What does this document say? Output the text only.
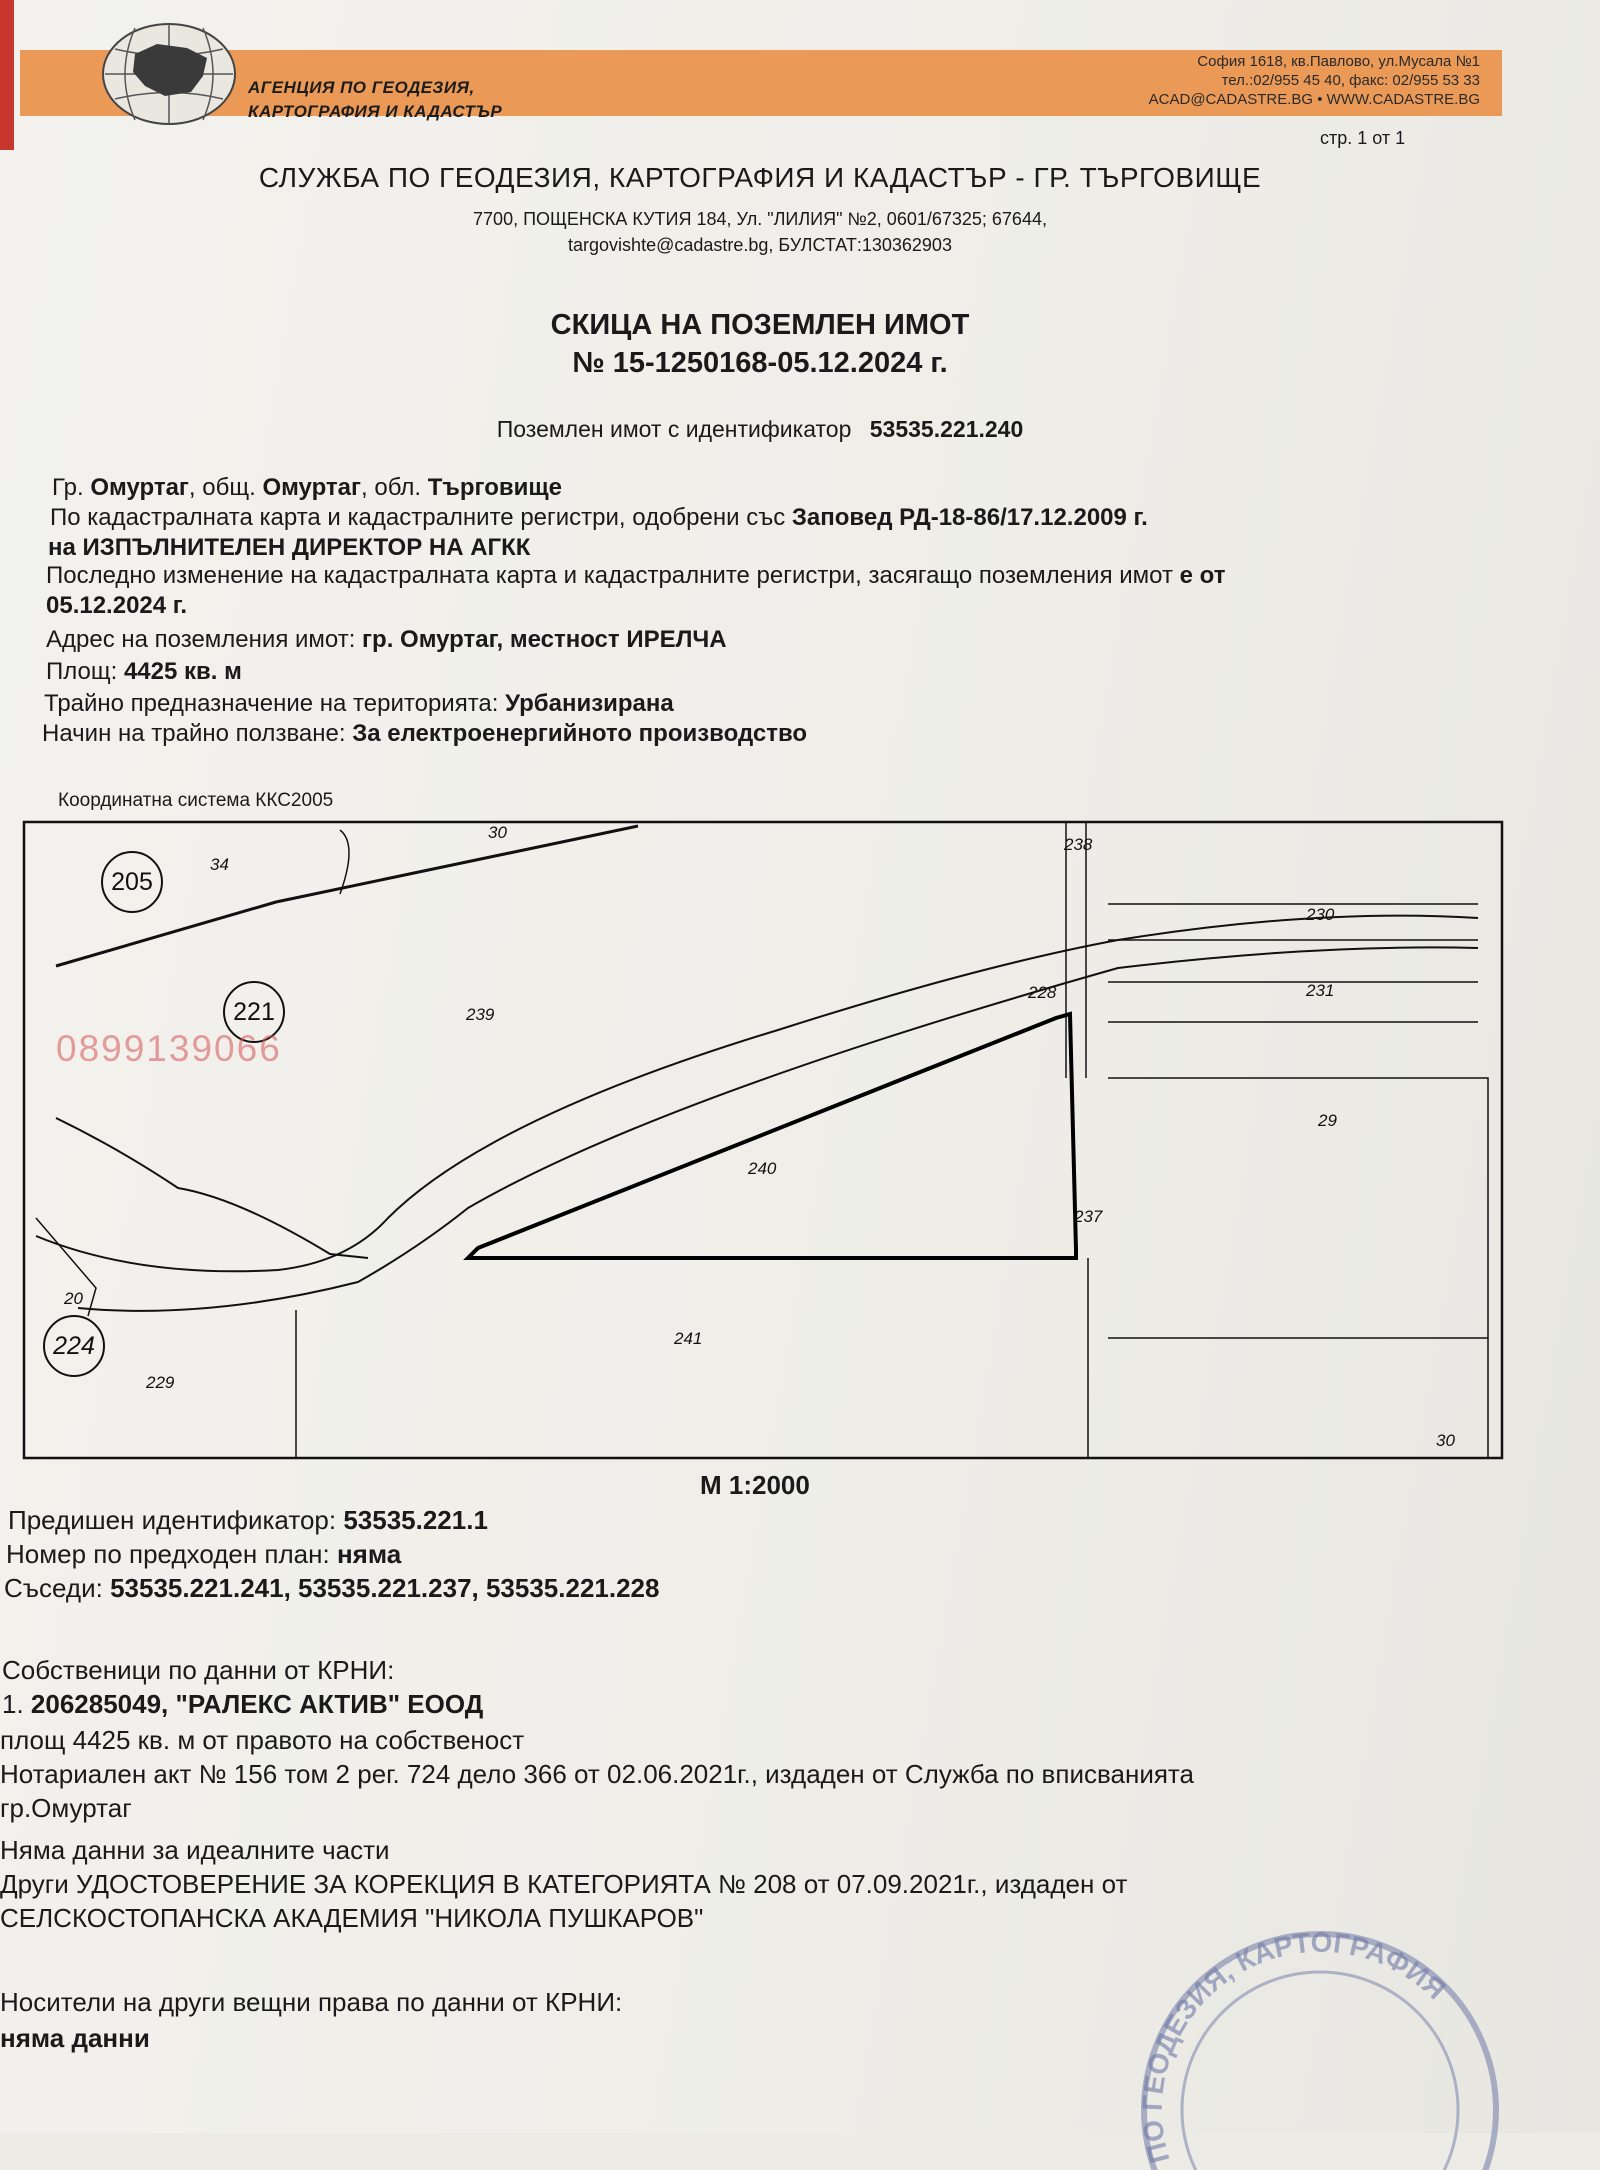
АГЕНЦИЯ ПО ГЕОДЕЗИЯ,
КАРТОГРАФИЯ И КАДАСТЪР
София 1618, кв.Павлово, ул.Мусала №1
тел.:02/955 45 40, факс: 02/955 53 33
ACAD@CADASTRE.BG • WWW.CADASTRE.BG
стр. 1 от 1
СЛУЖБА ПО ГЕОДЕЗИЯ, КАРТОГРАФИЯ И КАДАСТЪР - ГР. ТЪРГОВИЩЕ
7700, ПОЩЕНСКА КУТИЯ 184, Ул. "ЛИЛИЯ" №2, 0601/67325; 67644,
targovishte@cadastre.bg, БУЛСТАТ:130362903
СКИЦА НА ПОЗЕМЛЕН ИМОТ
№ 15-1250168-05.12.2024 г.
Поземлен имот с идентификатор 53535.221.240
Гр. Омуртаг, общ. Омуртаг, обл. Търговище
По кадастралната карта и кадастралните регистри, одобрени със Заповед РД-18-86/17.12.2009 г.
на ИЗПЪЛНИТЕЛЕН ДИРЕКТОР НА АГКК
Последно изменение на кадастралната карта и кадастралните регистри, засягащо поземления имот е от
05.12.2024 г.
Адрес на поземления имот: гр. Омуртаг, местност ИРЕЛЧА
Площ: 4425 кв. м
Трайно предназначение на територията: Урбанизирана
Начин на трайно ползване: За електроенергийното производство
Координатна система ККС2005
205
221
224
30
34
238
230
228	231
239
29
240
237
20
241
229
30
0899139066
М 1:2000
Предишен идентификатор: 53535.221.1
Номер по предходен план: няма
Съседи: 53535.221.241, 53535.221.237, 53535.221.228
Собственици по данни от КРНИ:
1. 206285049, "РАЛЕКС АКТИВ" ЕООД
площ 4425 кв. м от правото на собственост
Нотариален акт № 156 том 2 рег. 724 дело 366 от 02.06.2021г., издаден от Служба по вписванията
гр.Омуртаг
Няма данни за идеалните части
Други УДОСТОВЕРЕНИЕ ЗА КОРЕКЦИЯ В КАТЕГОРИЯТА № 208 от 07.09.2021г., издаден от
СЕЛСКОСТОПАНСКА АКАДЕМИЯ "НИКОЛА ПУШКАРОВ"
Носители на други вещни права по данни от КРНИ:
няма данни
ПО ГЕОДЕЗИЯ, КАРТОГРАФИЯ
